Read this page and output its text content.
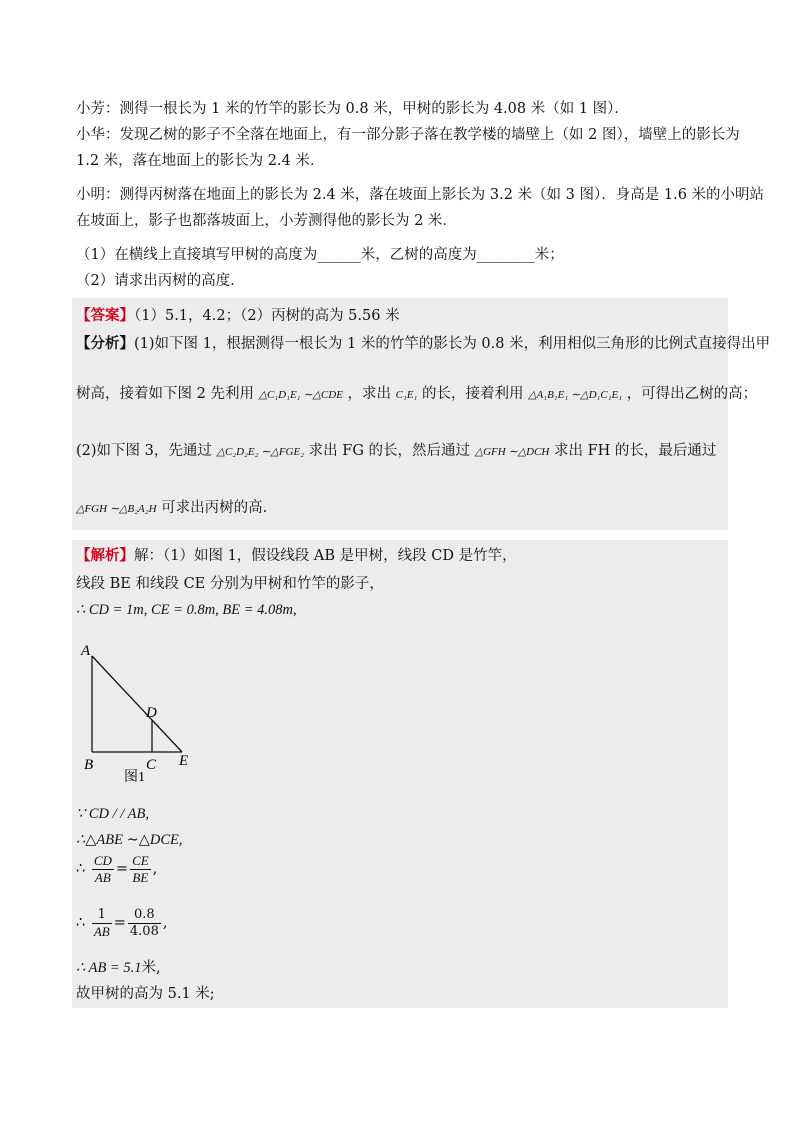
小芳：测得一根长为 1 米的竹竿的影长为 0.8 米，甲树的影长为 4.08 米（如 1 图）．
小华：发现乙树的影子不全落在地面上，有一部分影子落在教学楼的墙壁上（如 2 图），墙壁上的影长为
1.2 米，落在地面上的影长为 2.4 米．
小明：测得丙树落在地面上的影长为 2.4 米，落在坡面上影长为 3.2 米（如 3 图）．身高是 1.6 米的小明站
在坡面上，影子也都落坡面上，小芳测得他的影长为 2 米．
（1）在横线上直接填写甲树的高度为______米，乙树的高度为________米；
（2）请求出丙树的高度．
【答案】（1）5.1，4.2；（2）丙树的高为 5.56 米
【分析】(1)如下图 1，根据测得一根长为 1 米的竹竿的影长为 0.8 米，利用相似三角形的比例式直接得出甲
树高，接着如下图 2 先利用 △C₁D₁E₁ ∼△CDE ，求出 C₁E₁ 的长，接着利用 △A₁B₁E₁ ∼△D₁C₁E₁ ，可得出乙树的高；
(2)如下图 3，先通过 △C₂D₂E₂ ∼△FGE₂ 求出 FG 的长，然后通过 △GFH ∼△DCH 求出 FH 的长，最后通过
△FGH ∼△B₂A₂H 可求出丙树的高.
【解析】解：（1）如图 1，假设线段 AB 是甲树，线段 CD 是竹竿，
线段 BE 和线段 CE 分别为甲树和竹竿的影子，
∴ CD = 1m, CE = 0.8m, BE = 4.08m,
A
D
B	C E
图1
∵ CD / / AB,
∴△ABE ∼△DCE,
∴ $\frac{CD}{AB} = \frac{CE}{BE}$ ,
∴ $\frac{1}{AB} = \frac{0.8}{4.08}$ ,
∴ AB = 5.1米,
故甲树的高为 5.1 米;
